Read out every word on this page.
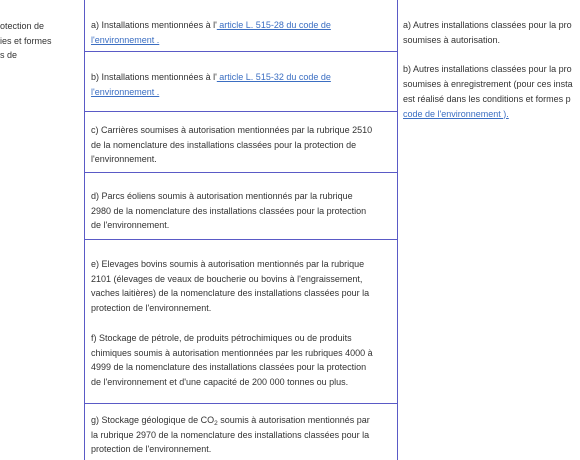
otection de
ies et formes
s de
a) Installations mentionnées à l' article L. 515-28 du code de
l'environnement .
b) Installations mentionnées à l' article L. 515-32 du code de
l'environnement .
c) Carrières soumises à autorisation mentionnées par la rubrique 2510
de la nomenclature des installations classées pour la protection de
l'environnement.
d) Parcs éoliens soumis à autorisation mentionnés par la rubrique
2980 de la nomenclature des installations classées pour la protection
de l'environnement.
e) Elevages bovins soumis à autorisation mentionnés par la rubrique
2101 (élevages de veaux de boucherie ou bovins à l'engraissement,
vaches laitières) de la nomenclature des installations classées pour la
protection de l'environnement.
f) Stockage de pétrole, de produits pétrochimiques ou de produits
chimiques soumis à autorisation mentionnées par les rubriques 4000 à
4999 de la nomenclature des installations classées pour la protection
de l'environnement et d'une capacité de 200 000 tonnes ou plus.
g) Stockage géologique de $CO_2$ soumis à autorisation mentionnés par
la rubrique 2970 de la nomenclature des installations classées pour la
protection de l'environnement.
a) Autres installations classées pour la pro
soumises à autorisation.
b) Autres installations classées pour la pro
soumises à enregistrement (pour ces insta
est réalisé dans les conditions et formes p
code de l'environnement ).
